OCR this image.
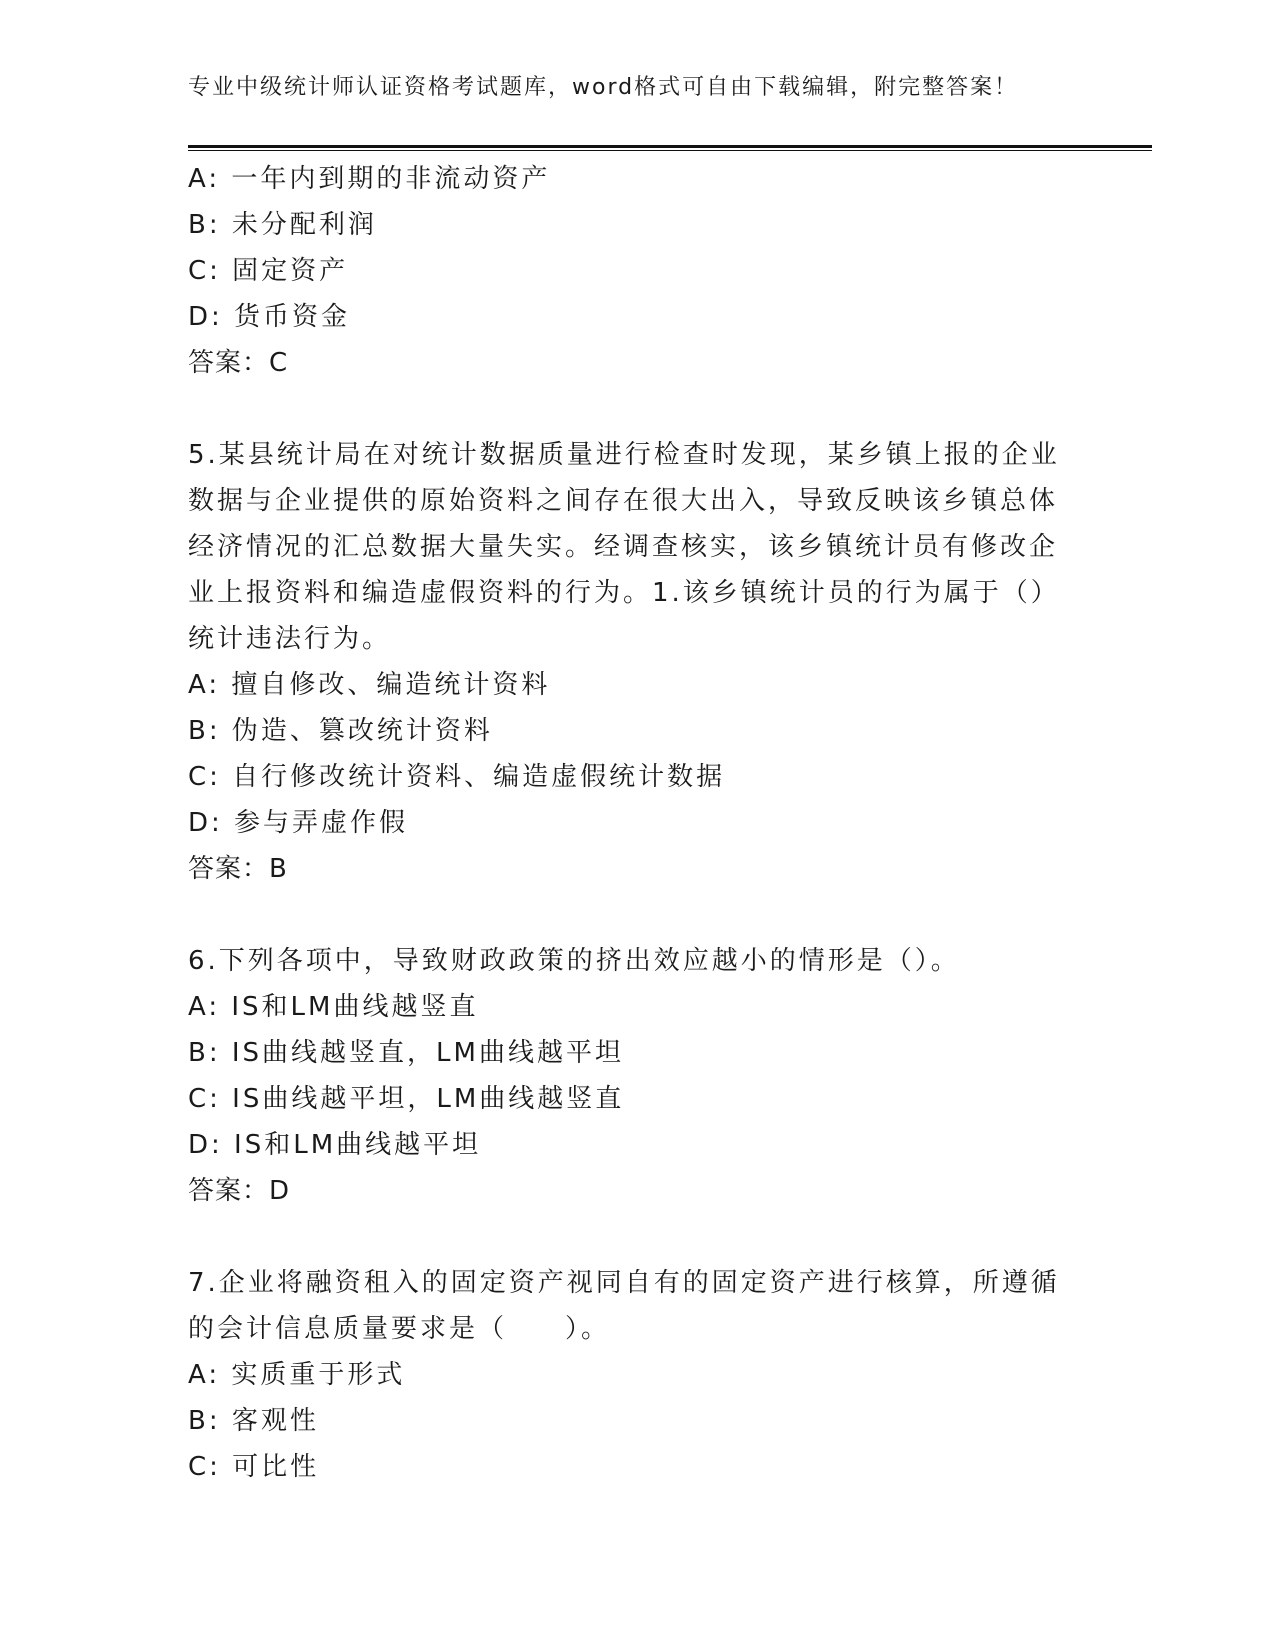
专业中级统计师认证资格考试题库，word格式可自由下载编辑，附完整答案！
A: 一年内到期的非流动资产
B: 未分配利润
C: 固定资产
D: 货币资金
答案：C
5.某县统计局在对统计数据质量进行检查时发现，某乡镇上报的企业数据与企业提供的原始资料之间存在很大出入，导致反映该乡镇总体经济情况的汇总数据大量失实。经调查核实，该乡镇统计员有修改企业上报资料和编造虚假资料的行为。1.该乡镇统计员的行为属于（）统计违法行为。
A: 擅自修改、编造统计资料
B: 伪造、篡改统计资料
C: 自行修改统计资料、编造虚假统计数据
D: 参与弄虚作假
答案：B
6.下列各项中，导致财政政策的挤出效应越小的情形是（）。
A: IS和LM曲线越竖直
B: IS曲线越竖直，LM曲线越平坦
C: IS曲线越平坦，LM曲线越竖直
D: IS和LM曲线越平坦
答案：D
7.企业将融资租入的固定资产视同自有的固定资产进行核算，所遵循的会计信息质量要求是（　　）。
A: 实质重于形式
B: 客观性
C: 可比性
